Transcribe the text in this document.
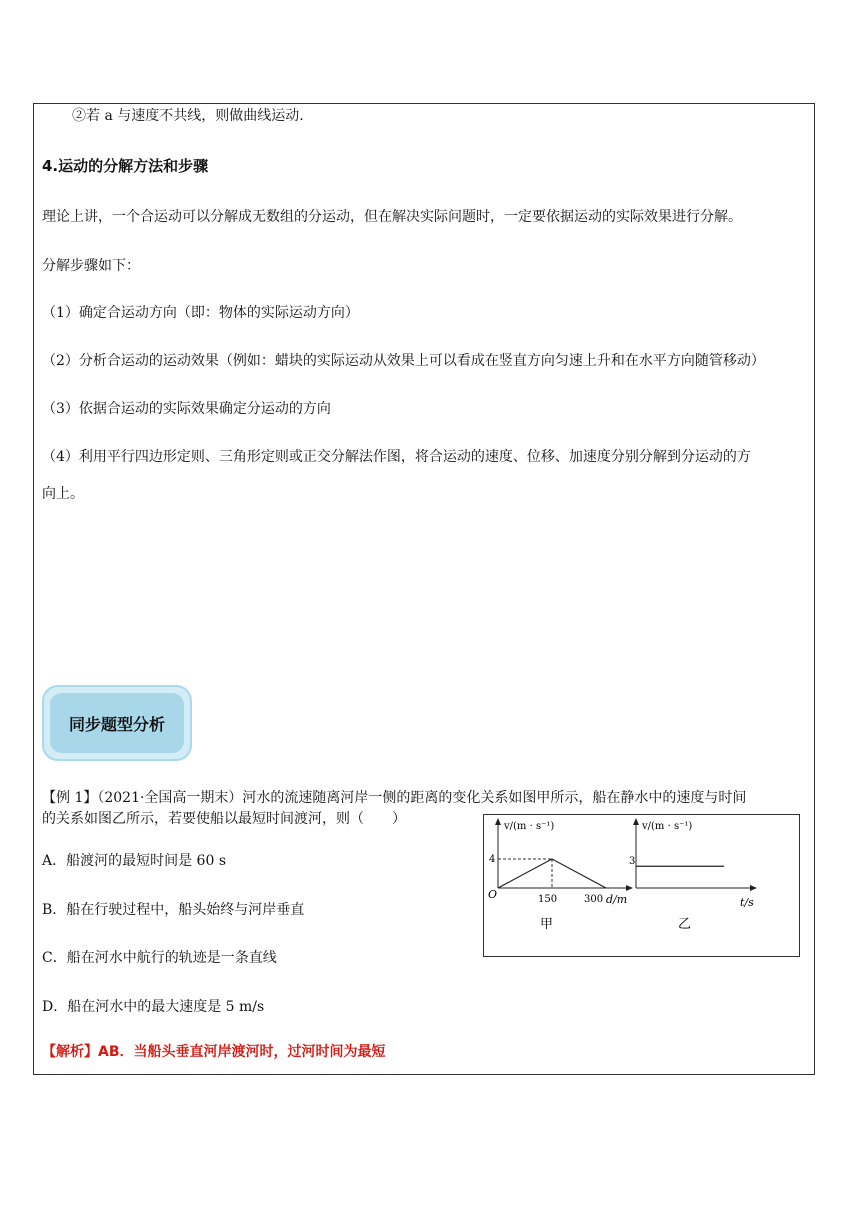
②若 a 与速度不共线，则做曲线运动.
4.运动的分解方法和步骤
理论上讲，一个合运动可以分解成无数组的分运动，但在解决实际问题时，一定要依据运动的实际效果进行分解。
分解步骤如下：
（1）确定合运动方向（即：物体的实际运动方向）
（2）分析合运动的运动效果（例如：蜡块的实际运动从效果上可以看成在竖直方向匀速上升和在水平方向随管移动）
（3）依据合运动的实际效果确定分运动的方向
（4）利用平行四边形定则、三角形定则或正交分解法作图，将合运动的速度、位移、加速度分别分解到分运动的方
向上。
同步题型分析
【例 1】（2021·全国高一期末）河水的流速随离河岸一侧的距离的变化关系如图甲所示，船在静水中的速度与时间
的关系如图乙所示，若要使船以最短时间渡河，则（　　）
A．船渡河的最短时间是 60 s
B．船在行驶过程中，船头始终与河岸垂直
C．船在河水中航行的轨迹是一条直线
D．船在河水中的最大速度是 5 m/s
【解析】AB．当船头垂直河岸渡河时，过河时间为最短
v/(m · s⁻¹)
O
4
150	300 d/m
甲
v/(m · s⁻¹)
3
t/s
乙
